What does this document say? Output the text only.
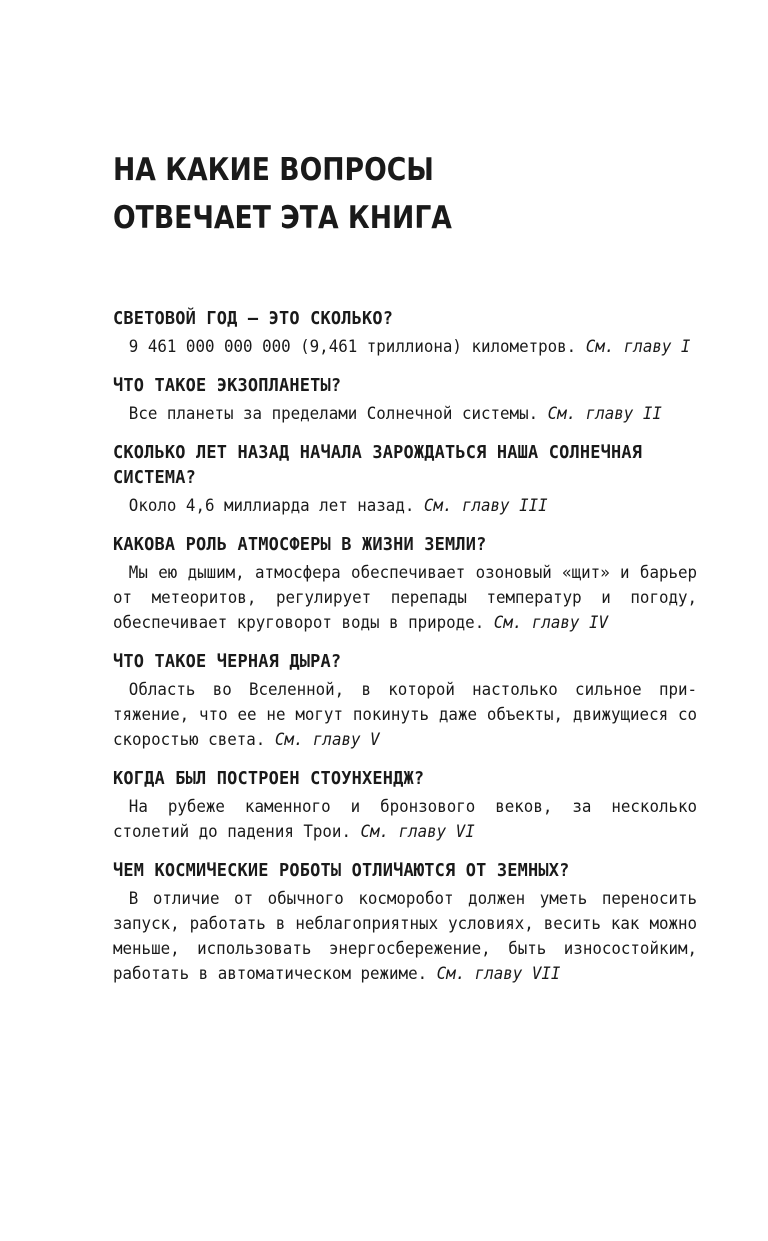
НА КАКИЕ ВОПРОСЫ
ОТВЕЧАЕТ ЭТА КНИГА

СВЕТОВОЙ ГОД — ЭТО СКОЛЬКО?

9 461 000 000 000 (9,461 триллиона) километров. См. главу I

ЧТО ТАКОЕ ЭКЗОПЛАНЕТЫ?

Все планеты за пределами Солнечной системы. См. главу II

СКОЛЬКО ЛЕТ НАЗАД НАЧАЛА ЗАРОЖДАТЬСЯ НАША СОЛНЕЧНАЯ СИСТЕМА?

Около 4,6 миллиарда лет назад. См. главу III

КАКОВА РОЛЬ АТМОСФЕРЫ В ЖИЗНИ ЗЕМЛИ?

Мы ею дышим, атмосфера обеспечивает озоновый «щит» и барьер от метеоритов, регулирует перепады температур и погоду, обеспечивает круговорот воды в природе. См. главу IV

ЧТО ТАКОЕ ЧЕРНАЯ ДЫРА?

Область во Вселенной, в которой настолько сильное притяжение, что ее не могут покинуть даже объекты, движущиеся со скоростью света. См. главу V

КОГДА БЫЛ ПОСТРОЕН СТОУНХЕНДЖ?

На рубеже каменного и бронзового веков, за несколько столетий до падения Трои. См. главу VI

ЧЕМ КОСМИЧЕСКИЕ РОБОТЫ ОТЛИЧАЮТСЯ ОТ ЗЕМНЫХ?

В отличие от обычного косморобот должен уметь переносить запуск, работать в неблагоприятных условиях, весить как можно меньше, использовать энергосбережение, быть износостойким, работать в автоматическом режиме. См. главу VII
